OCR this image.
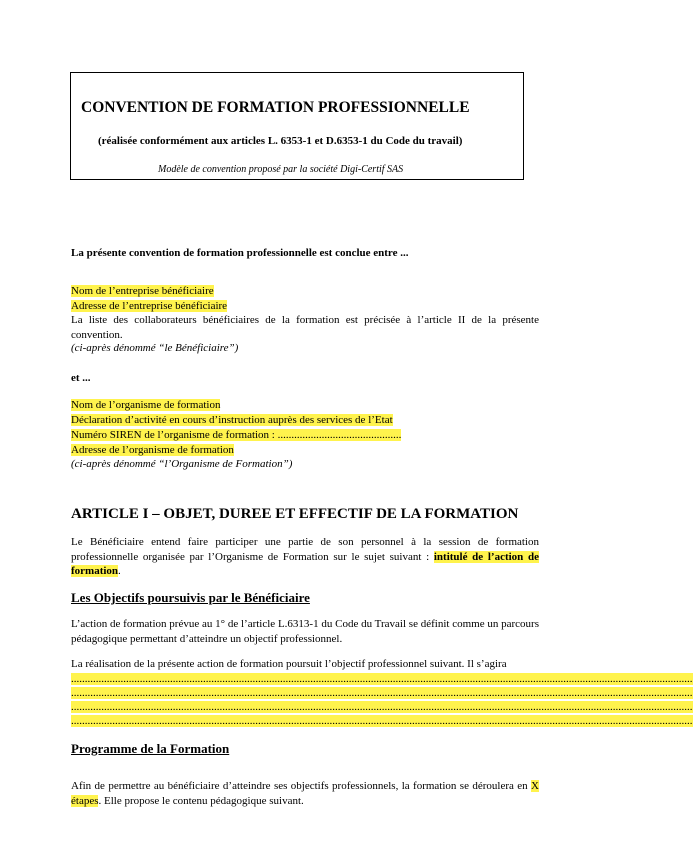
CONVENTION DE FORMATION PROFESSIONNELLE
(réalisée conformément aux articles L. 6353-1 et D.6353-1 du Code du travail)
Modèle de convention proposé par la société Digi-Certif SAS
La présente convention de formation professionnelle est conclue entre ...
Nom de l’entreprise bénéficiaire
Adresse de l’entreprise bénéficiaire
La liste des collaborateurs bénéficiaires de la formation est précisée à l’article II de la présente convention.
(ci-après dénommé “le Bénéficiaire”)
et ...
Nom de l’organisme de formation
Déclaration d’activité en cours d’instruction auprès des services de l’Etat
Numéro SIREN de l’organisme de formation : .............................................
Adresse de l’organisme de formation
(ci-après dénommé “l’Organisme de Formation”)
ARTICLE I – OBJET, DUREE ET EFFECTIF DE LA FORMATION
Le Bénéficiaire entend faire participer une partie de son personnel à la session de formation professionnelle organisée par l’Organisme de Formation sur le sujet suivant : intitulé de l’action de formation.
Les Objectifs poursuivis par le Bénéficiaire
L’action de formation prévue au 1° de l’article L.6313-1 du Code du Travail se définit comme un parcours pédagogique permettant d’atteindre un objectif professionnel.
La réalisation de la présente action de formation poursuit l’objectif professionnel suivant. Il s’agira
..................................................................................................................................................................................................................................
..................................................................................................................................................................................................................................
..................................................................................................................................................................................................................................
..................................................................................................................................................................................................................................
Programme de la Formation
Afin de permettre au bénéficiaire d’atteindre ses objectifs professionnels, la formation se déroulera en X étapes. Elle propose le contenu pédagogique suivant.
